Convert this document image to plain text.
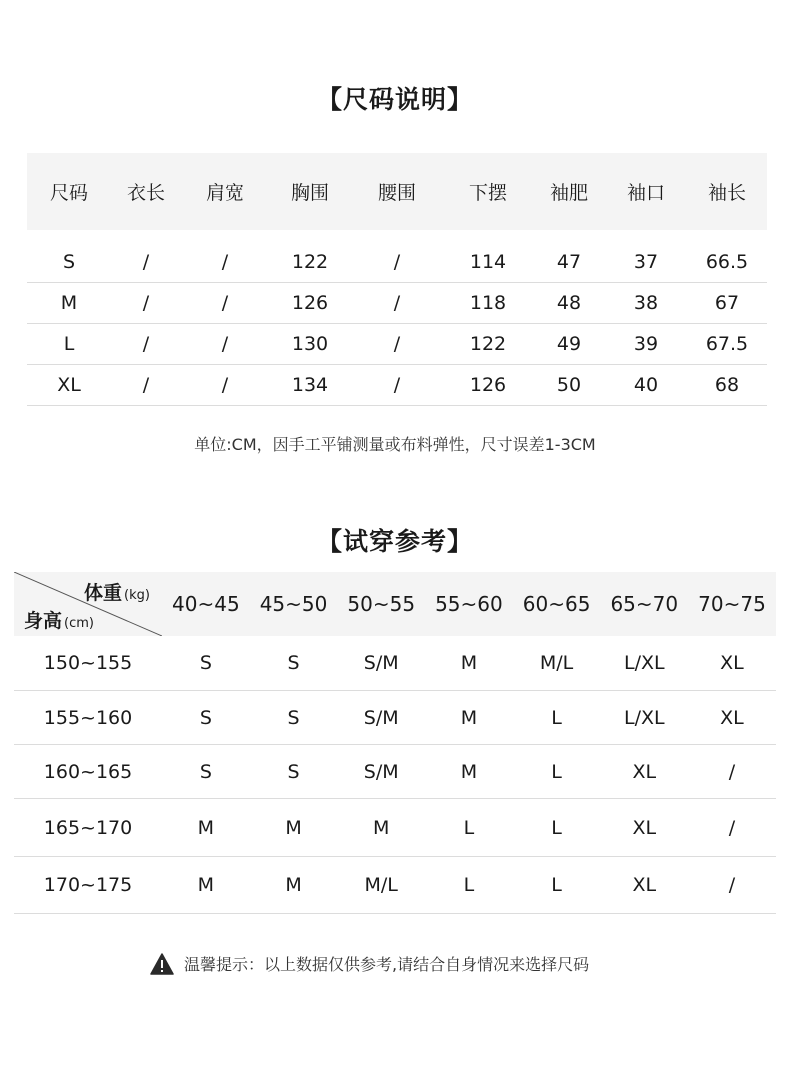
【尺码说明】
尺码	衣长	肩宽	胸围	腰围	下摆	袖肥	袖口	袖长
S	/	/	122	/	114	47	37	66.5
M	/	/	126	/	118	48	38	67
L	/	/	130	/	122	49	39	67.5
XL	/	/	134	/	126	50	40	68
单位:CM，因手工平铺测量或布料弹性，尺寸误差1-3CM
【试穿参考】
体重 (kg)
身高 (cm)
40~45	45~50	50~55	55~60	60~65	65~70	70~75
150~155	S	S	S/M	M	M/L	L/XL	XL
155~160	S	S	S/M	M	L	L/XL	XL
160~165	S	S	S/M	M	L	XL	/
165~170	M	M	M	L	L	XL	/
170~175	M	M	M/L	L	L	XL	/
温馨提示：以上数据仅供参考,请结合自身情况来选择尺码
